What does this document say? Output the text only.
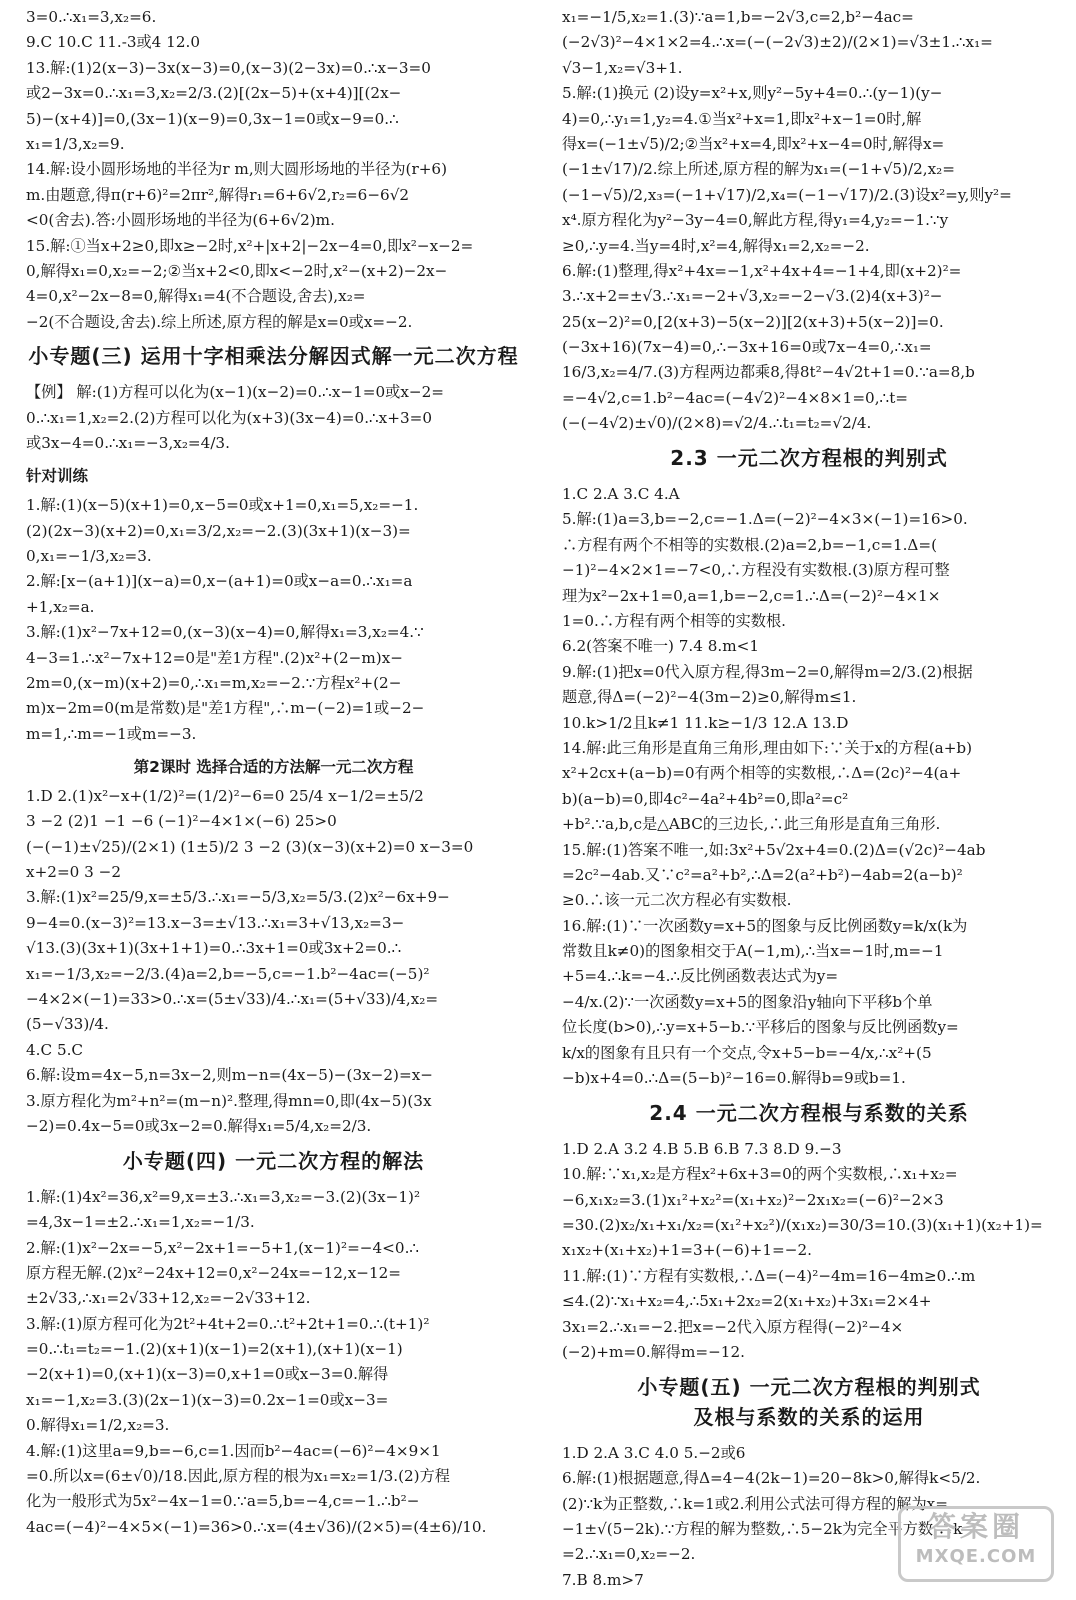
3=0.∴x₁=3,x₂=6.
9.C 10.C 11.-3或4 12.0
13.解:(1)2(x−3)−3x(x−3)=0,(x−3)(2−3x)=0.∴x−3=0
或2−3x=0.∴x₁=3,x₂=2/3.(2)[(2x−5)+(x+4)][(2x−
5)−(x+4)]=0,(3x−1)(x−9)=0,3x−1=0或x−9=0.∴
x₁=1/3,x₂=9.
14.解:设小圆形场地的半径为r m,则大圆形场地的半径为(r+6)
m.由题意,得π(r+6)²=2πr²,解得r₁=6+6√2,r₂=6−6√2
<0(舍去).答:小圆形场地的半径为(6+6√2)m.
15.解:①当x+2≥0,即x≥−2时,x²+|x+2|−2x−4=0,即x²−x−2=
0,解得x₁=0,x₂=−2;②当x+2<0,即x<−2时,x²−(x+2)−2x−
4=0,x²−2x−8=0,解得x₁=4(不合题设,舍去),x₂=
−2(不合题设,舍去).综上所述,原方程的解是x=0或x=−2.
小专题(三) 运用十字相乘法分解因式解一元二次方程
【例】 解:(1)方程可以化为(x−1)(x−2)=0.∴x−1=0或x−2=
0.∴x₁=1,x₂=2.(2)方程可以化为(x+3)(3x−4)=0.∴x+3=0
或3x−4=0.∴x₁=−3,x₂=4/3.
针对训练
1.解:(1)(x−5)(x+1)=0,x−5=0或x+1=0,x₁=5,x₂=−1.
(2)(2x−3)(x+2)=0,x₁=3/2,x₂=−2.(3)(3x+1)(x−3)=
0,x₁=−1/3,x₂=3.
2.解:[x−(a+1)](x−a)=0,x−(a+1)=0或x−a=0.∴x₁=a
+1,x₂=a.
3.解:(1)x²−7x+12=0,(x−3)(x−4)=0,解得x₁=3,x₂=4.∵
4−3=1.∴x²−7x+12=0是"差1方程".(2)x²+(2−m)x−
2m=0,(x−m)(x+2)=0,∴x₁=m,x₂=−2.∵方程x²+(2−
m)x−2m=0(m是常数)是"差1方程",∴m−(−2)=1或−2−
m=1,∴m=−1或m=−3.
第2课时 选择合适的方法解一元二次方程
1.D 2.(1)x²−x+(1/2)²=(1/2)²−6=0 25/4 x−1/2=±5/2
3 −2 (2)1 −1 −6 (−1)²−4×1×(−6) 25>0
(−(−1)±√25)/(2×1) (1±5)/2 3 −2 (3)(x−3)(x+2)=0 x−3=0
x+2=0 3 −2
3.解:(1)x²=25/9,x=±5/3.∴x₁=−5/3,x₂=5/3.(2)x²−6x+9−
9−4=0.(x−3)²=13.x−3=±√13.∴x₁=3+√13,x₂=3−
√13.(3)(3x+1)(3x+1+1)=0.∴3x+1=0或3x+2=0.∴
x₁=−1/3,x₂=−2/3.(4)a=2,b=−5,c=−1.b²−4ac=(−5)²
−4×2×(−1)=33>0.∴x=(5±√33)/4.∴x₁=(5+√33)/4,x₂=
(5−√33)/4.
4.C 5.C
6.解:设m=4x−5,n=3x−2,则m−n=(4x−5)−(3x−2)=x−
3.原方程化为m²+n²=(m−n)².整理,得mn=0,即(4x−5)(3x
−2)=0.4x−5=0或3x−2=0.解得x₁=5/4,x₂=2/3.
小专题(四) 一元二次方程的解法
1.解:(1)4x²=36,x²=9,x=±3.∴x₁=3,x₂=−3.(2)(3x−1)²
=4,3x−1=±2.∴x₁=1,x₂=−1/3.
2.解:(1)x²−2x=−5,x²−2x+1=−5+1,(x−1)²=−4<0.∴
原方程无解.(2)x²−24x+12=0,x²−24x=−12,x−12=
±2√33,∴x₁=2√33+12,x₂=−2√33+12.
3.解:(1)原方程可化为2t²+4t+2=0.∴t²+2t+1=0.∴(t+1)²
=0.∴t₁=t₂=−1.(2)(x+1)(x−1)=2(x+1),(x+1)(x−1)
−2(x+1)=0,(x+1)(x−3)=0,x+1=0或x−3=0.解得
x₁=−1,x₂=3.(3)(2x−1)(x−3)=0.2x−1=0或x−3=
0.解得x₁=1/2,x₂=3.
4.解:(1)这里a=9,b=−6,c=1.因而b²−4ac=(−6)²−4×9×1
=0.所以x=(6±√0)/18.因此,原方程的根为x₁=x₂=1/3.(2)方程
化为一般形式为5x²−4x−1=0.∵a=5,b=−4,c=−1.∴b²−
4ac=(−4)²−4×5×(−1)=36>0.∴x=(4±√36)/(2×5)=(4±6)/10.
x₁=−1/5,x₂=1.(3)∵a=1,b=−2√3,c=2,b²−4ac=
(−2√3)²−4×1×2=4.∴x=(−(−2√3)±2)/(2×1)=√3±1.∴x₁=
√3−1,x₂=√3+1.
5.解:(1)换元 (2)设y=x²+x,则y²−5y+4=0.∴(y−1)(y−
4)=0,∴y₁=1,y₂=4.①当x²+x=1,即x²+x−1=0时,解
得x=(−1±√5)/2;②当x²+x=4,即x²+x−4=0时,解得x=
(−1±√17)/2.综上所述,原方程的解为x₁=(−1+√5)/2,x₂=
(−1−√5)/2,x₃=(−1+√17)/2,x₄=(−1−√17)/2.(3)设x²=y,则y²=
x⁴.原方程化为y²−3y−4=0,解此方程,得y₁=4,y₂=−1.∵y
≥0,∴y=4.当y=4时,x²=4,解得x₁=2,x₂=−2.
6.解:(1)整理,得x²+4x=−1,x²+4x+4=−1+4,即(x+2)²=
3.∴x+2=±√3.∴x₁=−2+√3,x₂=−2−√3.(2)4(x+3)²−
25(x−2)²=0,[2(x+3)−5(x−2)][2(x+3)+5(x−2)]=0.
(−3x+16)(7x−4)=0,∴−3x+16=0或7x−4=0,∴x₁=
16/3,x₂=4/7.(3)方程两边都乘8,得8t²−4√2t+1=0.∵a=8,b
=−4√2,c=1.b²−4ac=(−4√2)²−4×8×1=0,∴t=
(−(−4√2)±√0)/(2×8)=√2/4.∴t₁=t₂=√2/4.
2.3 一元二次方程根的判别式
1.C 2.A 3.C 4.A
5.解:(1)a=3,b=−2,c=−1.Δ=(−2)²−4×3×(−1)=16>0.
∴方程有两个不相等的实数根.(2)a=2,b=−1,c=1.Δ=(
−1)²−4×2×1=−7<0,∴方程没有实数根.(3)原方程可整
理为x²−2x+1=0,a=1,b=−2,c=1.∴Δ=(−2)²−4×1×
1=0.∴方程有两个相等的实数根.
6.2(答案不唯一) 7.4 8.m<1
9.解:(1)把x=0代入原方程,得3m−2=0,解得m=2/3.(2)根据
题意,得Δ=(−2)²−4(3m−2)≥0,解得m≤1.
10.k>1/2且k≠1 11.k≥−1/3 12.A 13.D
14.解:此三角形是直角三角形,理由如下:∵关于x的方程(a+b)
x²+2cx+(a−b)=0有两个相等的实数根,∴Δ=(2c)²−4(a+
b)(a−b)=0,即4c²−4a²+4b²=0,即a²=c²
+b².∵a,b,c是△ABC的三边长,∴此三角形是直角三角形.
15.解:(1)答案不唯一,如:3x²+5√2x+4=0.(2)Δ=(√2c)²−4ab
=2c²−4ab.又∵c²=a²+b²,∴Δ=2(a²+b²)−4ab=2(a−b)²
≥0.∴该一元二次方程必有实数根.
16.解:(1)∵一次函数y=x+5的图象与反比例函数y=k/x(k为
常数且k≠0)的图象相交于A(−1,m),∴当x=−1时,m=−1
+5=4.∴k=−4.∴反比例函数表达式为y=
−4/x.(2)∵一次函数y=x+5的图象沿y轴向下平移b个单
位长度(b>0),∴y=x+5−b.∵平移后的图象与反比例函数y=
k/x的图象有且只有一个交点,令x+5−b=−4/x,∴x²+(5
−b)x+4=0.∴Δ=(5−b)²−16=0.解得b=9或b=1.
2.4 一元二次方程根与系数的关系
1.D 2.A 3.2 4.B 5.B 6.B 7.3 8.D 9.−3
10.解:∵x₁,x₂是方程x²+6x+3=0的两个实数根,∴x₁+x₂=
−6,x₁x₂=3.(1)x₁²+x₂²=(x₁+x₂)²−2x₁x₂=(−6)²−2×3
=30.(2)x₂/x₁+x₁/x₂=(x₁²+x₂²)/(x₁x₂)=30/3=10.(3)(x₁+1)(x₂+1)=
x₁x₂+(x₁+x₂)+1=3+(−6)+1=−2.
11.解:(1)∵方程有实数根,∴Δ=(−4)²−4m=16−4m≥0.∴m
≤4.(2)∵x₁+x₂=4,∴5x₁+2x₂=2(x₁+x₂)+3x₁=2×4+
3x₁=2.∴x₁=−2.把x=−2代入原方程得(−2)²−4×
(−2)+m=0.解得m=−12.
小专题(五) 一元二次方程根的判别式
及根与系数的关系的运用
1.D 2.A 3.C 4.0 5.−2或6
6.解:(1)根据题意,得Δ=4−4(2k−1)=20−8k>0,解得k<5/2.
(2)∵k为正整数,∴k=1或2.利用公式法可得方程的解为x=
−1±√(5−2k).∵方程的解为整数,∴5−2k为完全平方数,∴k
=2.∴x₁=0,x₂=−2.
7.B 8.m>7
答案圈
MXQE.COM
